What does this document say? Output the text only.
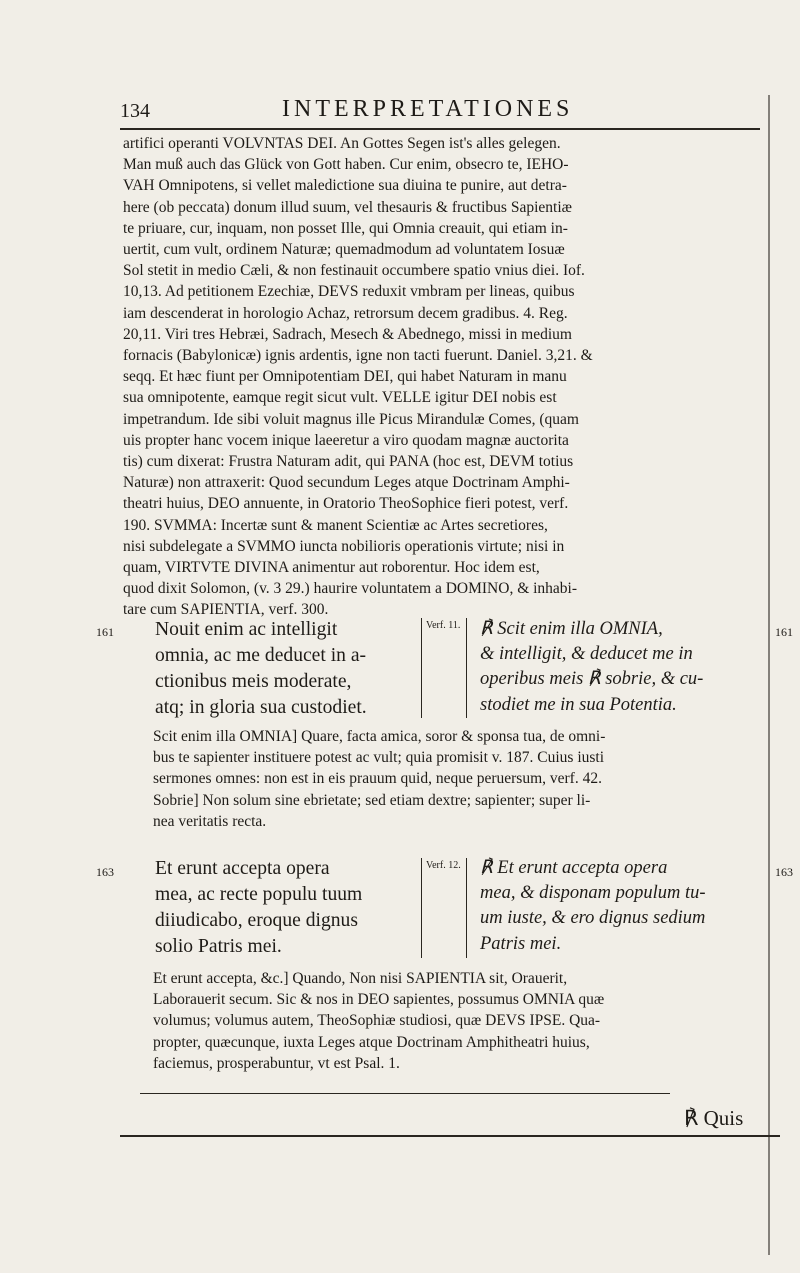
134	INTERPRETATIONES

artifici operanti VOLVNTAS DEI. An Gottes Segen ist's alles gelegen.

Man muß auch das Glück von Gott haben. Cur enim, obsecro te, IEHO-

VAH Omnipotens, si vellet maledictione sua diuina te punire, aut detra-

here (ob peccata) donum illud suum, vel thesauris & fructibus Sapientiæ

te priuare, cur, inquam, non posset Ille, qui Omnia creauit, qui etiam in-

uertit, cum vult, ordinem Naturæ; quemadmodum ad voluntatem Iosuæ

Sol stetit in medio Cæli, & non festinauit occumbere spatio vnius diei. Iof.

10,13. Ad petitionem Ezechiæ, DEVS reduxit vmbram per lineas, quibus

iam descenderat in horologio Achaz, retrorsum decem gradibus. 4. Reg.

20,11. Viri tres Hebræi, Sadrach, Mesech & Abednego, missi in medium

fornacis (Babylonicæ) ignis ardentis, igne non tacti fuerunt. Daniel. 3,21. &

seqq. Et hæc fiunt per Omnipotentiam DEI, qui habet Naturam in manu

sua omnipotente, eamque regit sicut vult. VELLE igitur DEI nobis est

impetrandum. Ide sibi voluit magnus ille Picus Mirandulæ Comes, (quam

uis propter hanc vocem inique laeeretur a viro quodam magnæ auctorita

tis) cum dixerat: Frustra Naturam adit, qui PANA (hoc est, DEVM totius

Naturæ) non attraxerit: Quod secundum Leges atque Doctrinam Amphi-

theatri huius, DEO annuente, in Oratorio TheoSophice fieri potest, verf.

190. SVMMA: Incertæ sunt & manent Scientiæ ac Artes secretiores,

nisi subdelegate a SVMMO iuncta nobilioris operationis virtute; nisi in

quam, VIRTVTE DIVINA animentur aut roborentur. Hoc idem est,

quod dixit Solomon, (v. 3 29.) haurire voluntatem a DOMINO, & inhabi-

tare cum SAPIENTIA, verf. 300.

161	161
Nouit enim ac intelligit
omnia, ac me deducet in a-
ctionibus meis moderate,
atq; in gloria sua custodiet.
Verf. 11. ℟ Scit enim illa OMNIA,
& intelligit, & deducet me in
operibus meis ℟ sobrie, & cu-
stodiet me in sua Potentia.
Scit enim illa OMNIA] Quare, facta amica, soror & sponsa tua, de omni-
bus te sapienter instituere potest ac vult; quia promisit v. 187. Cuius iusti
sermones omnes: non est in eis prauum quid, neque peruersum, verf. 42.
Sobrie] Non solum sine ebrietate; sed etiam dextre; sapienter; super li-
nea veritatis recta.
163	163
Et erunt accepta opera
mea, ac recte populu tuum
diiudicabo, eroque dignus
solio Patris mei.
Verf. 12. ℟ Et erunt accepta opera
mea, & disponam populum tu-
um iuste, & ero dignus sedium
Patris mei.
Et erunt accepta, &c.] Quando, Non nisi SAPIENTIA sit, Orauerit,
Laborauerit secum. Sic & nos in DEO sapientes, possumus OMNIA quæ
volumus; volumus autem, TheoSophiæ studiosi, quæ DEVS IPSE. Qua-
propter, quæcunque, iuxta Leges atque Doctrinam Amphitheatri huius,
faciemus, prosperabuntur, vt est Psal. 1.
℟ Quis
